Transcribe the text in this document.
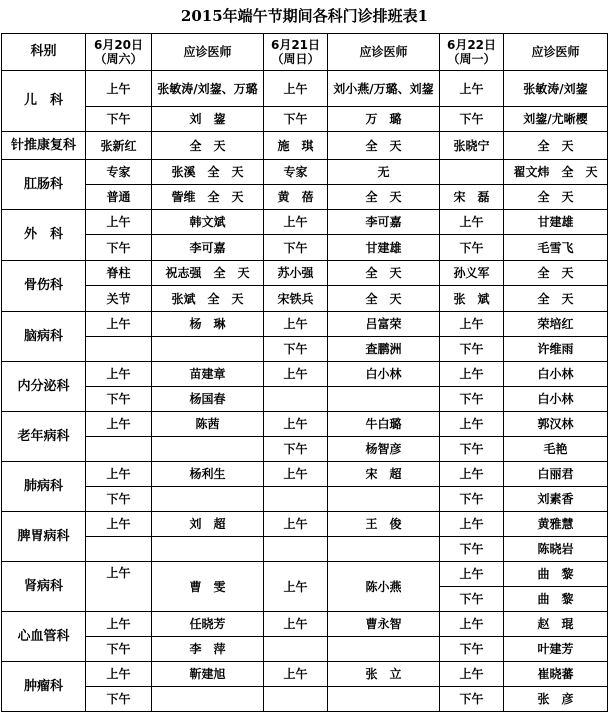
2015年端午节期间各科门诊排班表1
科别	6月20日（周六）	应诊医师	6月21日（周日）	应诊医师	6月22日（周一）	应诊医师
儿　科	上午	张敏涛/刘鋆、万璐	上午	刘小燕/万璐、刘鋆	上午	张敏涛/刘鋆
	下午	刘　鋆	下午	万　璐	下午	刘鋆/尤晰樱
针推康复科	张新红	全　天	施　琪	全　天	张晓宁	全　天
肛肠科	专家	张溪　 全　天	专家	无		翟文炜　 全　天
	普通	訾维　 全　天	黄　蓓	全　天	宋　磊	全　天
外　科	上午	韩文斌	上午	李可嘉	上午	甘建雄
	下午	李可嘉	下午	甘建雄	下午	毛雪飞
骨伤科	脊柱	祝志强　 全　天	苏小强	全　天	孙义军	全　天
	关节	张斌　 全　天	宋铁兵	全　天	张　斌	全　天
脑病科	上午	杨　琳	上午	吕富荣	上午	荣培红
			下午	查鹏洲	下午	许维雨
内分泌科	上午	苗建章	上午	白小林	上午	白小林
	下午	杨国春			下午	白小林
老年病科	上午	陈茜	上午	牛白璐	上午	郭汉林
			下午	杨智彦	下午	毛艳
肺病科	上午	杨利生	上午	宋　超	上午	白丽君
	下午				下午	刘素香
脾胃病科	上午	刘　超	上午	王　俊	上午	黄雅慧
					下午	陈晓岩
肾病科	上午	曹　雯	上午	陈小燕	上午	曲　黎
					下午	曲　黎
心血管科	上午	任晓芳	上午	曹永智	上午	赵　琨
	下午	李　萍			下午	叶建芳
肿瘤科	上午	靳建旭	上午	张　立	上午	崔晓蕃
	下午				下午	张　彦
